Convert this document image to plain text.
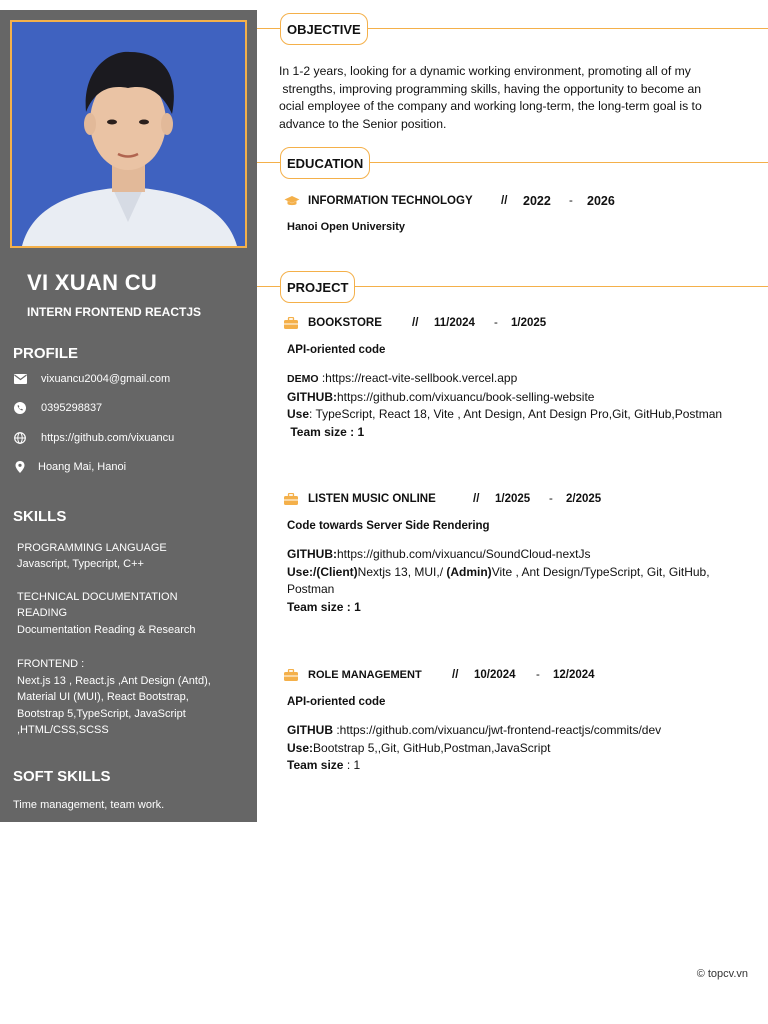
VI XUAN CU
INTERN FRONTEND REACTJS
PROFILE
vixuancu2004@gmail.com
0395298837
https://github.com/vixuancu
Hoang Mai, Hanoi
SKILLS
PROGRAMMING LANGUAGE
Javascript, Typecript, C++
TECHNICAL DOCUMENTATION
READING
Documentation Reading & Research
FRONTEND :
Next.js 13 , React.js ,Ant Design (Antd),
Material UI (MUI), React Bootstrap,
Bootstrap 5,TypeScript, JavaScript
,HTML/CSS,SCSS
SOFT SKILLS
Time management, team work.
OBJECTIVE
In 1-2 years, looking for a dynamic working environment, promoting all of my
strengths, improving programming skills, having the opportunity to become an
ocial employee of the company and working long-term, the long-term goal is to
advance to the Senior position.
EDUCATION
INFORMATION TECHNOLOGY	//	2022	-	2026
Hanoi Open University
PROJECT
BOOKSTORE	//	11/2024	-	1/2025
API-oriented code
DEMO :https://react-vite-sellbook.vercel.app
GITHUB:https://github.com/vixuancu/book-selling-website
Use: TypeScript, React 18, Vite , Ant Design, Ant Design Pro,Git, GitHub,Postman
Team size : 1
LISTEN MUSIC ONLINE	//	1/2025	-	2/2025
Code towards Server Side Rendering
GITHUB:https://github.com/vixuancu/SoundCloud-nextJs
Use:/(Client)Nextjs 13, MUI,/ (Admin)Vite , Ant Design/TypeScript, Git, GitHub,
Postman
Team size : 1
ROLE MANAGEMENT	//	10/2024	-	12/2024
API-oriented code
GITHUB :https://github.com/vixuancu/jwt-frontend-reactjs/commits/dev
Use:Bootstrap 5,,Git, GitHub,Postman,JavaScript
Team size : 1
© topcv.vn
